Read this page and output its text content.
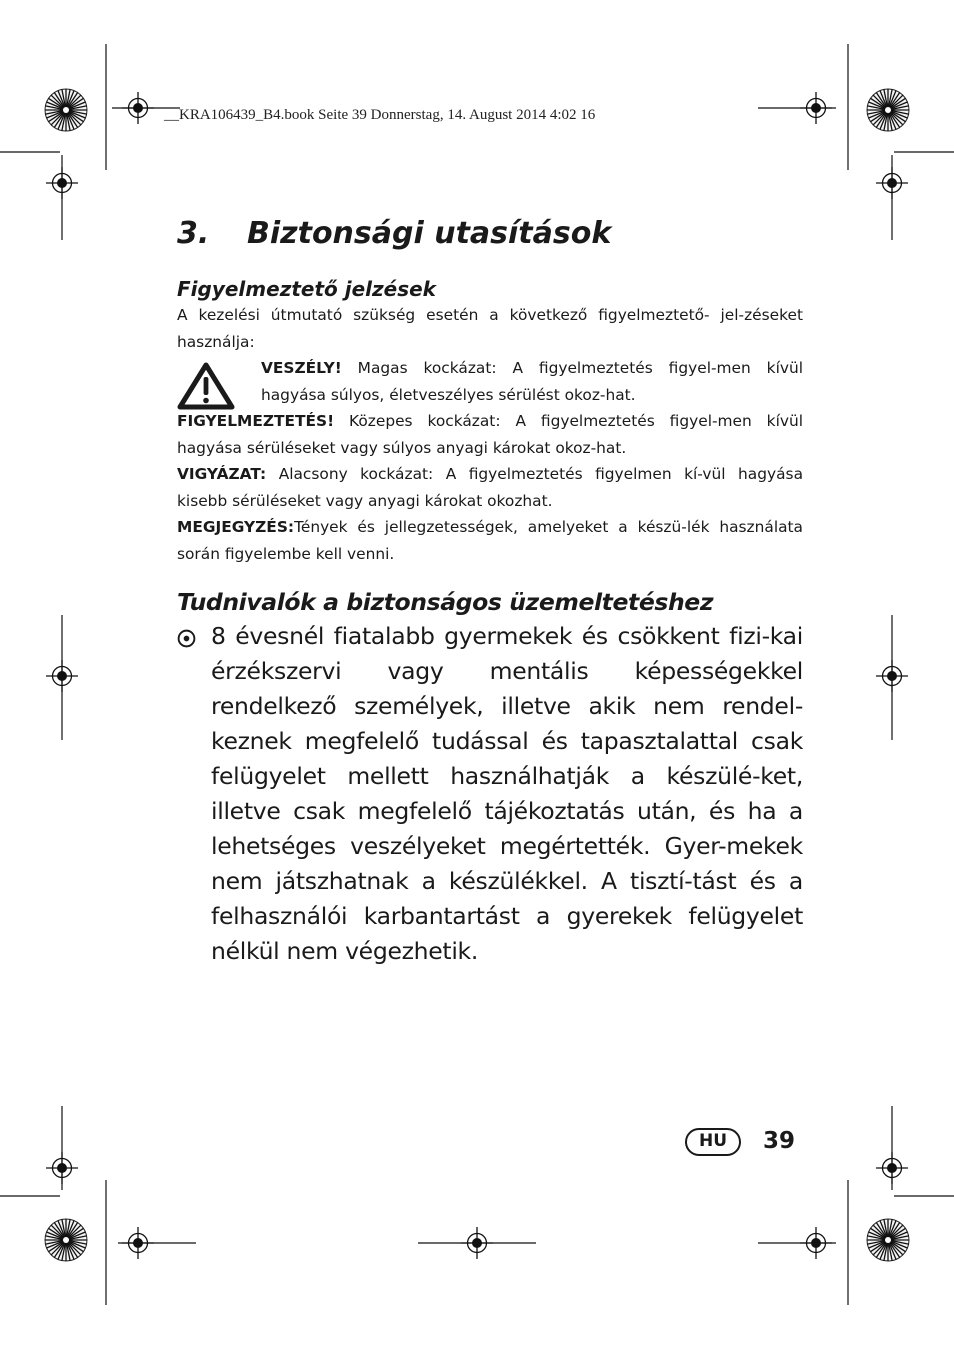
__KRA106439_B4.book Seite 39 Donnerstag, 14. August 2014 4:02 16
3. Biztonsági utasítások
Figyelmeztető jelzések

A kezelési útmutató szükség esetén a következő figyelmeztető- jel-zéseket használja:

VESZÉLY! Magas kockázat: A figyelmeztetés figyel-men kívül hagyása súlyos, életveszélyes sérülést okoz-hat.

FIGYELMEZTETÉS! Közepes kockázat: A figyelmeztetés figyel-men kívül hagyása sérüléseket vagy súlyos anyagi károkat okoz-hat.

VIGYÁZAT: Alacsony kockázat: A figyelmeztetés figyelmen kí-vül hagyása kisebb sérüléseket vagy anyagi károkat okozhat.

MEGJEGYZÉS:Tények és jellegzetességek, amelyeket a készü-lék használata során figyelembe kell venni.

Tudnivalók a biztonságos üzemeltetéshez

8 évesnél fiatalabb gyermekek és csökkent fizi-kai érzékszervi vagy mentális képességekkel rendelkező személyek, illetve akik nem rendel-keznek megfelelő tudással és tapasztalattal csak felügyelet mellett használhatják a készülé-ket, illetve csak megfelelő tájékoztatás után, és ha a lehetséges veszélyeket megértették. Gyer-mekek nem játszhatnak a készülékkel. A tisztí-tást és a felhasználói karbantartást a gyerekek felügyelet nélkül nem végezhetik.

HU	39
